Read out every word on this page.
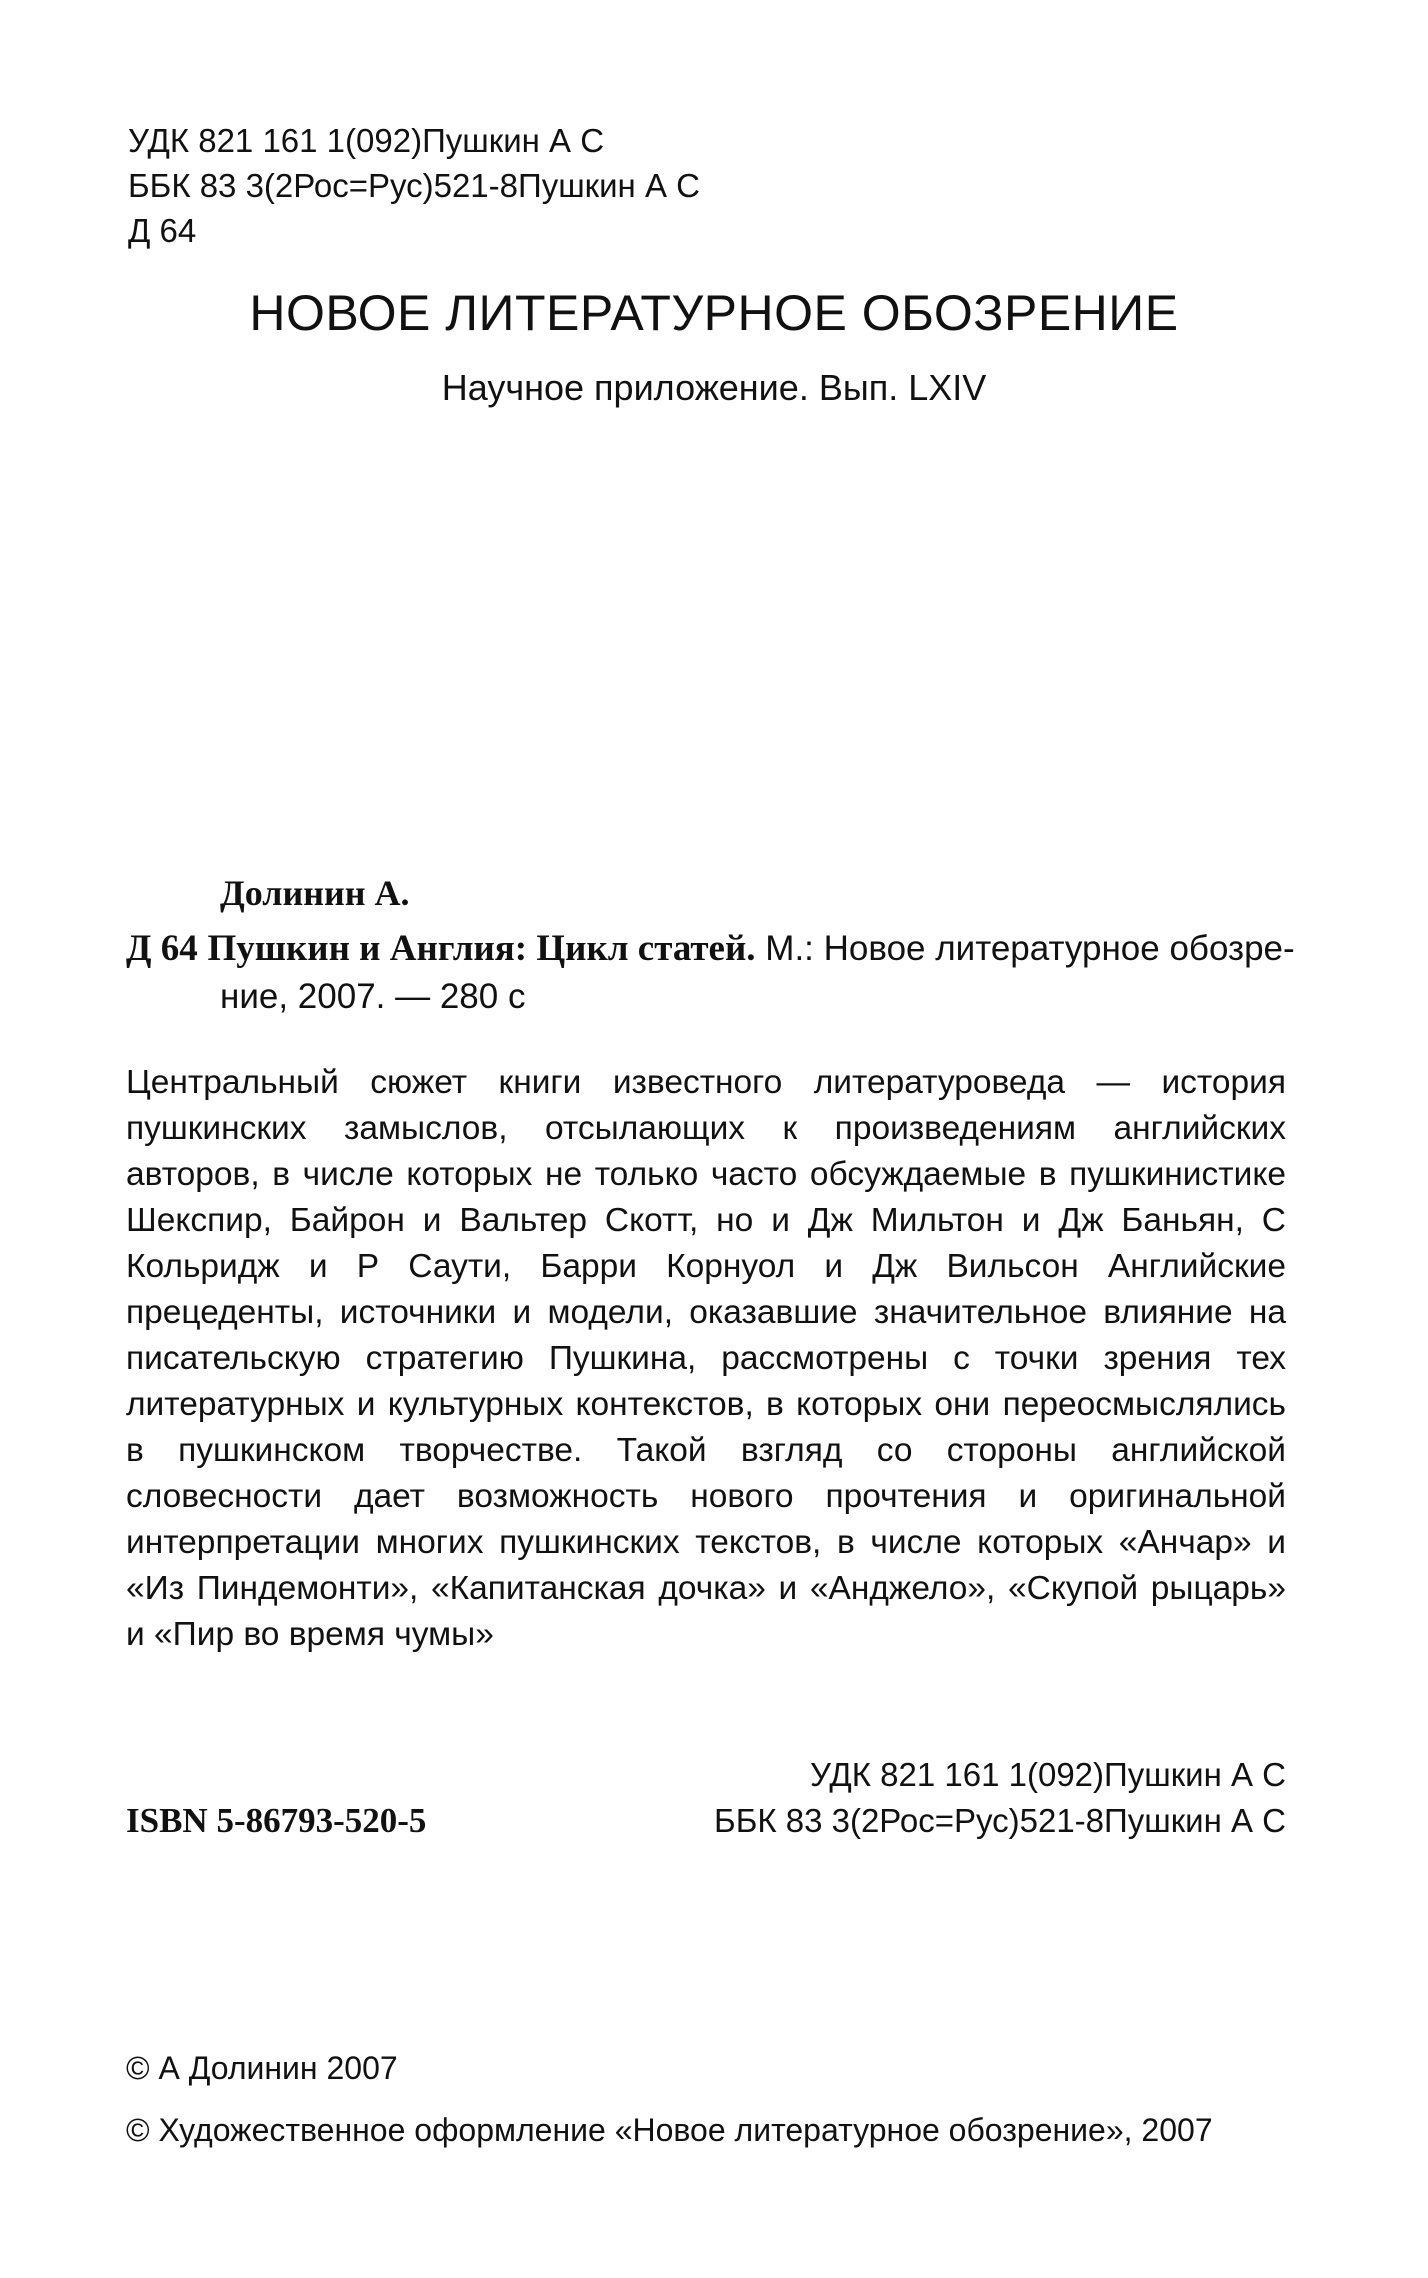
УДК 821 161 1(092)Пушкин А С
ББК 83 3(2Рос=Рус)521-8Пушкин А С
Д 64
НОВОЕ ЛИТЕРАТУРНОЕ ОБОЗРЕНИЕ
Научное приложение. Вып. LXIV
Долинин А.
Д 64 Пушкин и Англия: Цикл статей. М.: Новое литературное обозре-
ние, 2007. — 280 с
Центральный сюжет книги известного литературоведа — история пушкинских замыслов, отсылающих к произведениям английских авторов, в числе которых не только часто обсуждаемые в пушкинистике Шекспир, Байрон и Вальтер Скотт, но и Дж Мильтон и Дж Баньян, С Кольридж и Р Саути, Барри Корнуол и Дж Вильсон Английские прецеденты, источники и модели, оказавшие значительное влияние на писательскую стратегию Пушкина, рассмотрены с точки зрения тех литературных и культурных контекстов, в которых они переосмыслялись в пушкинском творчестве. Такой взгляд со стороны английской словесности дает возможность нового прочтения и оригинальной интерпретации многих пушкинских текстов, в числе которых «Анчар» и «Из Пиндемонти», «Капитанская дочка» и «Анджело», «Скупой рыцарь» и «Пир во время чумы»
УДК 821 161 1(092)Пушкин А С
ББК 83 3(2Рос=Рус)521-8Пушкин А С
ISBN 5-86793-520-5
© А Долинин 2007
© Художественное оформление «Новое литературное обозрение», 2007
